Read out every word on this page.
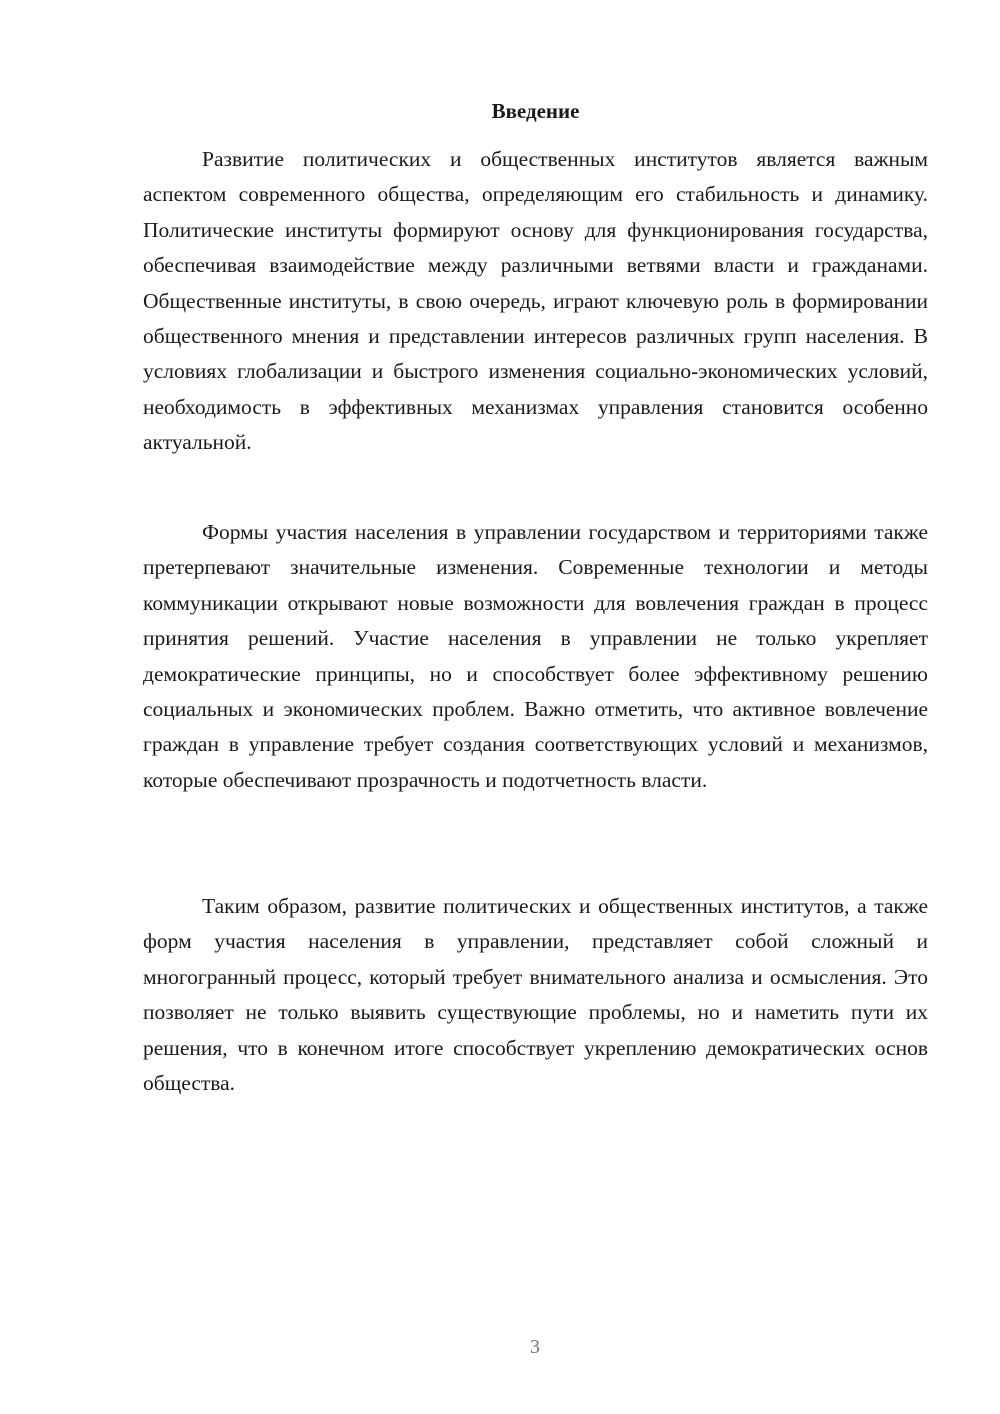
Введение

Развитие политических и общественных институтов является важным аспектом современного общества, определяющим его стабильность и динамику. Политические институты формируют основу для функционирования государства, обеспечивая взаимодействие между различными ветвями власти и гражданами. Общественные институты, в свою очередь, играют ключевую роль в формировании общественного мнения и представлении интересов различных групп населения. В условиях глобализации и быстрого изменения социально-экономических условий, необходимость в эффективных механизмах управления становится особенно актуальной.

Формы участия населения в управлении государством и территориями также претерпевают значительные изменения. Современные технологии и методы коммуникации открывают новые возможности для вовлечения граждан в процесс принятия решений. Участие населения в управлении не только укрепляет демократические принципы, но и способствует более эффективному решению социальных и экономических проблем. Важно отметить, что активное вовлечение граждан в управление требует создания соответствующих условий и механизмов, которые обеспечивают прозрачность и подотчетность власти.

Таким образом, развитие политических и общественных институтов, а также форм участия населения в управлении, представляет собой сложный и многогранный процесс, который требует внимательного анализа и осмысления. Это позволяет не только выявить существующие проблемы, но и наметить пути их решения, что в конечном итоге способствует укреплению демократических основ общества.

3
